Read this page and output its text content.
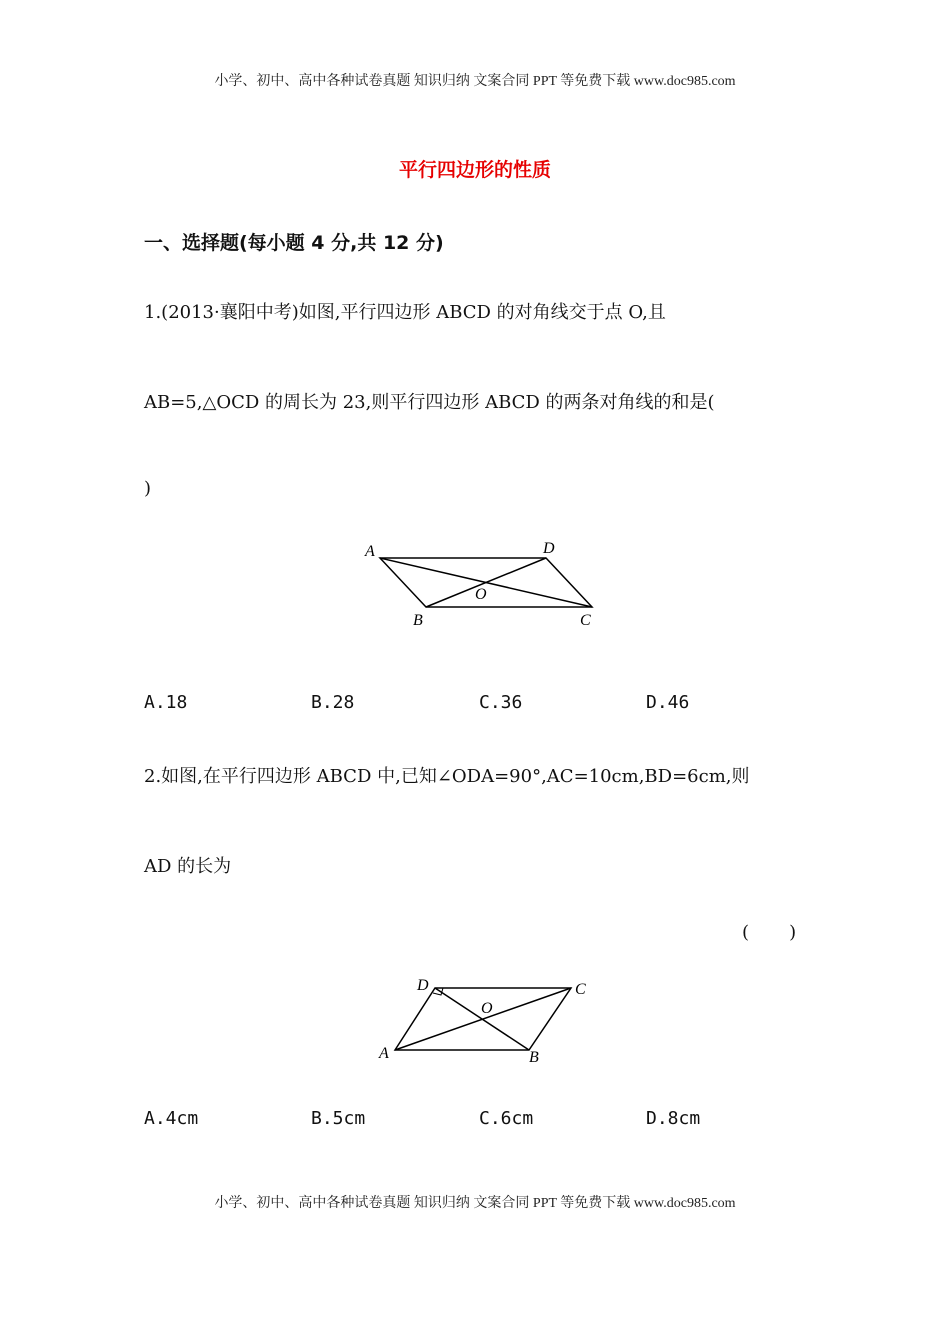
小学、初中、高中各种试卷真题 知识归纳 文案合同 PPT 等免费下载 www.doc985.com
平行四边形的性质
一、选择题(每小题 4 分,共 12 分)
1.(2013·襄阳中考)如图,平行四边形 ABCD 的对角线交于点 O,且
AB=5,△OCD 的周长为 23,则平行四边形 ABCD 的两条对角线的和是(
)
A	D
O
B	C
A.18	B.28	C.36	D.46
2.如图,在平行四边形 ABCD 中,已知∠ODA=90°,AC=10cm,BD=6cm,则
AD 的长为
(       )
D	C
O
A	B
A.4cm	B.5cm	C.6cm	D.8cm
小学、初中、高中各种试卷真题 知识归纳 文案合同 PPT 等免费下载 www.doc985.com
